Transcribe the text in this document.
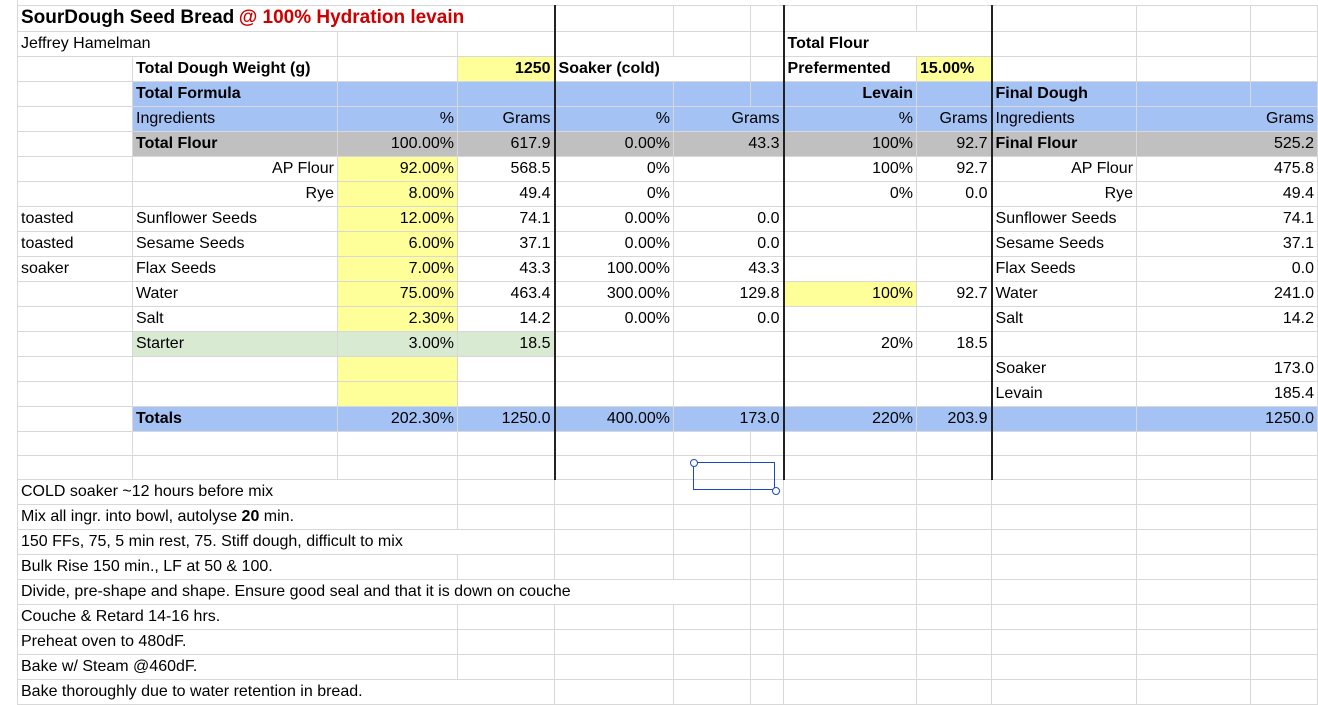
SourDough Seed Bread @ 100% Hydration levain											
Jeffrey Hamelman							Total Flour				
	Total Dough Weight (g)		1250	Soaker (cold)			Prefermented	15.00%			
	Total Formula						Levain		Final Dough		
	Ingredients	%	Grams	%	Grams		%	Grams	Ingredients	Grams	
	Total Flour	100.00%	617.9	0.00%	43.3		100%	92.7	Final Flour	525.2	
	AP Flour	92.00%	568.5	0%			100%	92.7	AP Flour	475.8	
	Rye	8.00%	49.4	0%			0%	0.0	Rye	49.4	
toasted	Sunflower Seeds	12.00%	74.1	0.00%	0.0				Sunflower Seeds	74.1	
toasted	Sesame Seeds	6.00%	37.1	0.00%	0.0				Sesame Seeds	37.1	
soaker	Flax Seeds	7.00%	43.3	100.00%	43.3				Flax Seeds	0.0	
	Water	75.00%	463.4	300.00%	129.8		100%	92.7	Water	241.0	
	Salt	2.30%	14.2	0.00%	0.0				Salt	14.2	
	Starter	3.00%	18.5				20%	18.5			
									Soaker	173.0	
									Levain	185.4	
	Totals	202.30%	1250.0	400.00%	173.0		220%	203.9		1250.0	

COLD soaker ~12 hours before mix											
Mix all ingr. into bowl, autolyse 20 min.											
150 FFs, 75, 5 min rest, 75. Stiff dough, difficult to mix											
Bulk Rise 150 min., LF at 50 & 100.											
Divide, pre-shape and shape. Ensure good seal and that it is down on couche											
Couche & Retard 14-16 hrs.											
Preheat oven to 480dF.											
Bake w/ Steam @460dF.											
Bake thoroughly due to water retention in bread.											
